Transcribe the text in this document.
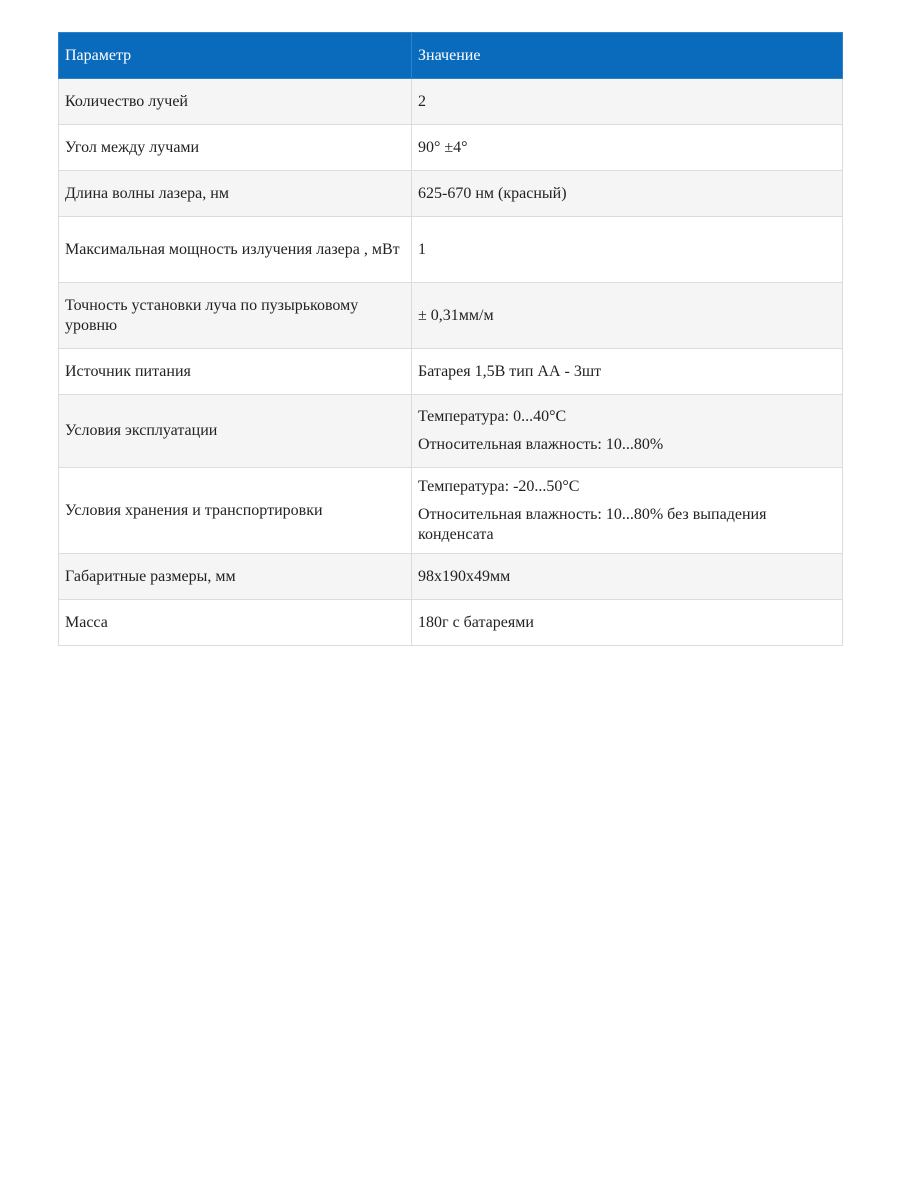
Параметр	Значение
Количество лучей	2

Угол между лучами	90° ±4°

Длина волны лазера, нм	625-670 нм (красный)

Максимальная мощность излучения лазера , мВт	1

Точность установки луча по пузырьковому уровню	± 0,31мм/м

Источник питания	Батарея 1,5В тип АА - 3шт

Условия эксплуатации	Температура: 0...40°С
Относительная влажность: 10...80%

Условия хранения и транспортировки	Температура: -20...50°С
Относительная влажность: 10...80% без выпадения конденсата

Габаритные размеры, мм	98x190x49мм

Масса	180г с батареями
